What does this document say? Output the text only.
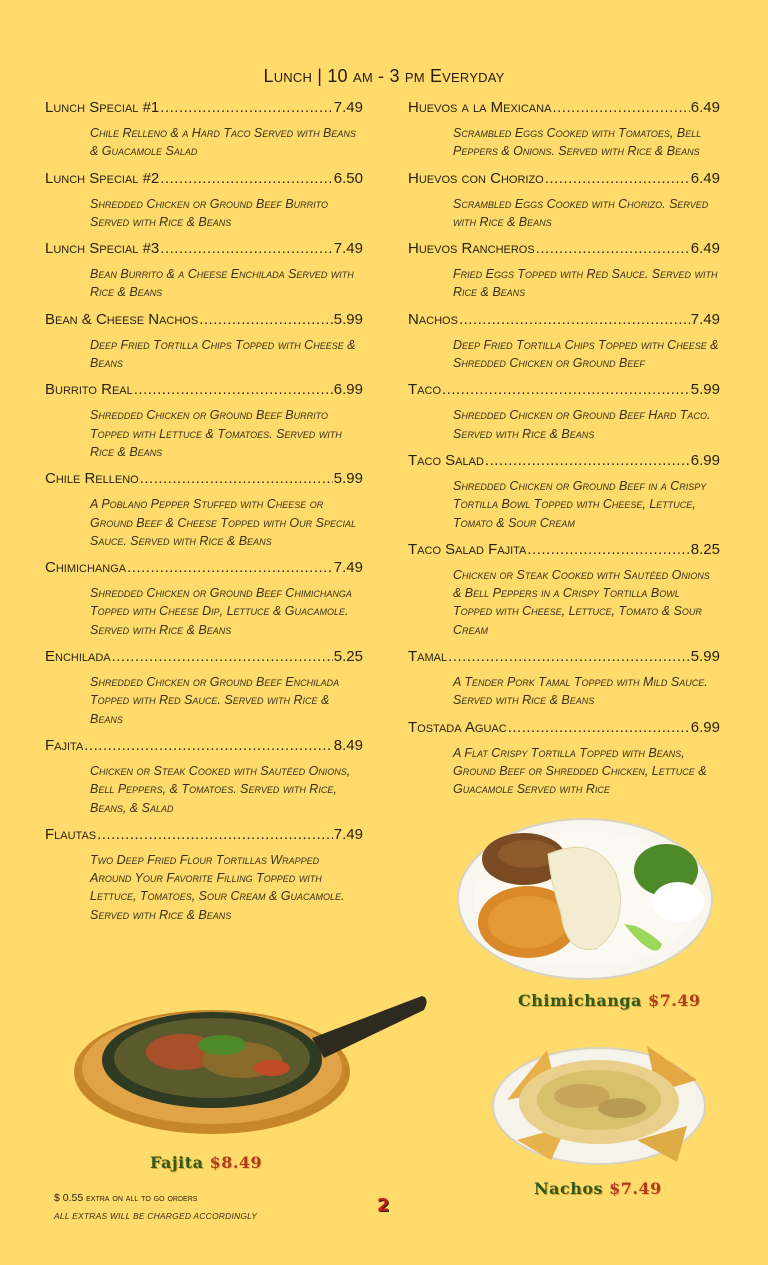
Lunch | 10 am - 3 pm Everyday
Lunch Special #1 .....	7.49
Chile Relleno & a Hard Taco Served with Beans & Guacamole Salad
Lunch Special #2 .....	6.50
Shredded Chicken or Ground Beef Burrito Served with Rice & Beans
Lunch Special #3 .....	7.49
Bean Burrito & a Cheese Enchilada Served with Rice & Beans
Bean & Cheese Nachos .....	5.99
Deep Fried Tortilla Chips Topped with Cheese & Beans
Burrito Real .....	6.99
Shredded Chicken or Ground Beef Burrito Topped with Lettuce & Tomatoes. Served with Rice & Beans
Chile Relleno .....	5.99
A Poblano Pepper Stuffed with Cheese or Ground Beef & Cheese Topped with Our Special Sauce. Served with Rice & Beans
Chimichanga .....	7.49
Shredded Chicken or Ground Beef Chimichanga Topped with Cheese Dip, Lettuce & Guacamole. Served with Rice & Beans
Enchilada .....	5.25
Shredded Chicken or Ground Beef Enchilada Topped with Red Sauce. Served with Rice & Beans
Fajita .....	8.49
Chicken or Steak Cooked with Sautéed Onions, Bell Peppers, & Tomatoes. Served with Rice, Beans, & Salad
Flautas .....	7.49
Two Deep Fried Flour Tortillas Wrapped Around Your Favorite Filling Topped with Lettuce, Tomatoes, Sour Cream & Guacamole. Served with Rice & Beans
Huevos a la Mexicana .....	6.49
Scrambled Eggs Cooked with Tomatoes, Bell Peppers & Onions. Served with Rice & Beans
Huevos con Chorizo .....	6.49
Scrambled Eggs Cooked with Chorizo. Served with Rice & Beans
Huevos Rancheros .....	6.49
Fried Eggs Topped with Red Sauce. Served with Rice & Beans
Nachos .....	7.49
Deep Fried Tortilla Chips Topped with Cheese & Shredded Chicken or Ground Beef
Taco .....	5.99
Shredded Chicken or Ground Beef Hard Taco. Served with Rice & Beans
Taco Salad .....	6.99
Shredded Chicken or Ground Beef in a Crispy Tortilla Bowl Topped with Cheese, Lettuce, Tomato & Sour Cream
Taco Salad Fajita .....	8.25
Chicken or Steak Cooked with Sautéed Onions & Bell Peppers in a Crispy Tortilla Bowl Topped with Cheese, Lettuce, Tomato & Sour Cream
Tamal .....	5.99
A Tender Pork Tamal Topped with Mild Sauce. Served with Rice & Beans
Tostada Aguac .....	6.99
A Flat Crispy Tortilla Topped with Beans, Ground Beef or Shredded Chicken, Lettuce & Guacamole Served with Rice
Chimichanga $7.49
Fajita $8.49
Nachos $7.49
$ 0.55 extra on all to go orders
ALL EXTRAS WILL BE CHARGED ACCORDINGLY	2
